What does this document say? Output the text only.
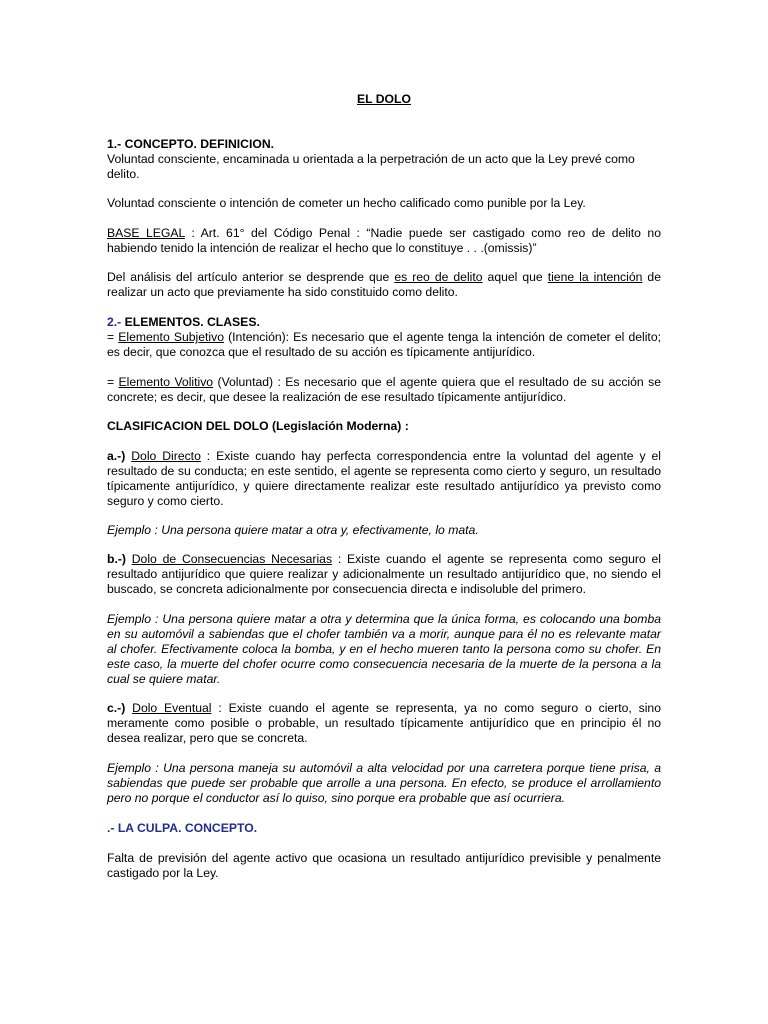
EL DOLO
1.- CONCEPTO. DEFINICION.
Voluntad consciente, encaminada u orientada a la perpetración de un acto que la Ley prevé como delito.

Voluntad consciente o intención de cometer un hecho calificado como punible por la Ley.

BASE LEGAL : Art. 61° del Código Penal : “Nadie puede ser castigado como reo de delito no habiendo tenido la intención de realizar el hecho que lo constituye . . .(omissis)”

Del análisis del artículo anterior se desprende que es reo de delito aquel que tiene la intención de realizar un acto que previamente ha sido constituido como delito.

2.- ELEMENTOS. CLASES.
= Elemento Subjetivo (Intención): Es necesario que el agente tenga la intención de cometer el delito; es decir, que conozca que el resultado de su acción es típicamente antijurídico.

= Elemento Volitivo (Voluntad) : Es necesario que el agente quiera que el resultado de su acción se concrete; es decir, que desee la realización de ese resultado típicamente antijurídico.

CLASIFICACION DEL DOLO (Legislación Moderna) :

a.-) Dolo Directo : Existe cuando hay perfecta correspondencia entre la voluntad del agente y el resultado de su conducta; en este sentido, el agente se representa como cierto y seguro, un resultado típicamente antijurídico, y quiere directamente realizar este resultado antijurídico ya previsto como seguro y como cierto.

Ejemplo : Una persona quiere matar a otra y, efectivamente, lo mata.

b.-) Dolo de Consecuencias Necesarias : Existe cuando el agente se representa como seguro el resultado antijurídico que quiere realizar y adicionalmente un resultado antijurídico que, no siendo el buscado, se concreta adicionalmente por consecuencia directa e indisoluble del primero.

Ejemplo : Una persona quiere matar a otra y determina que la única forma, es colocando una bomba en su automóvil a sabiendas que el chofer también va a morir, aunque para él no es relevante matar al chofer. Efectivamente coloca la bomba, y en el hecho mueren tanto la persona como su chofer. En este caso, la muerte del chofer ocurre como consecuencia necesaria de la muerte de la persona a la cual se quiere matar.

c.-) Dolo Eventual : Existe cuando el agente se representa, ya no como seguro o cierto, sino meramente como posible o probable, un resultado típicamente antijurídico que en principio él no desea realizar, pero que se concreta.

Ejemplo : Una persona maneja su automóvil a alta velocidad por una carretera porque tiene prisa, a sabiendas que puede ser probable que arrolle a una persona. En efecto, se produce el arrollamiento pero no porque el conductor así lo quiso, sino porque era probable que así ocurriera.

.- LA CULPA. CONCEPTO.

Falta de previsión del agente activo que ocasiona un resultado antijurídico previsible y penalmente castigado por la Ley.
